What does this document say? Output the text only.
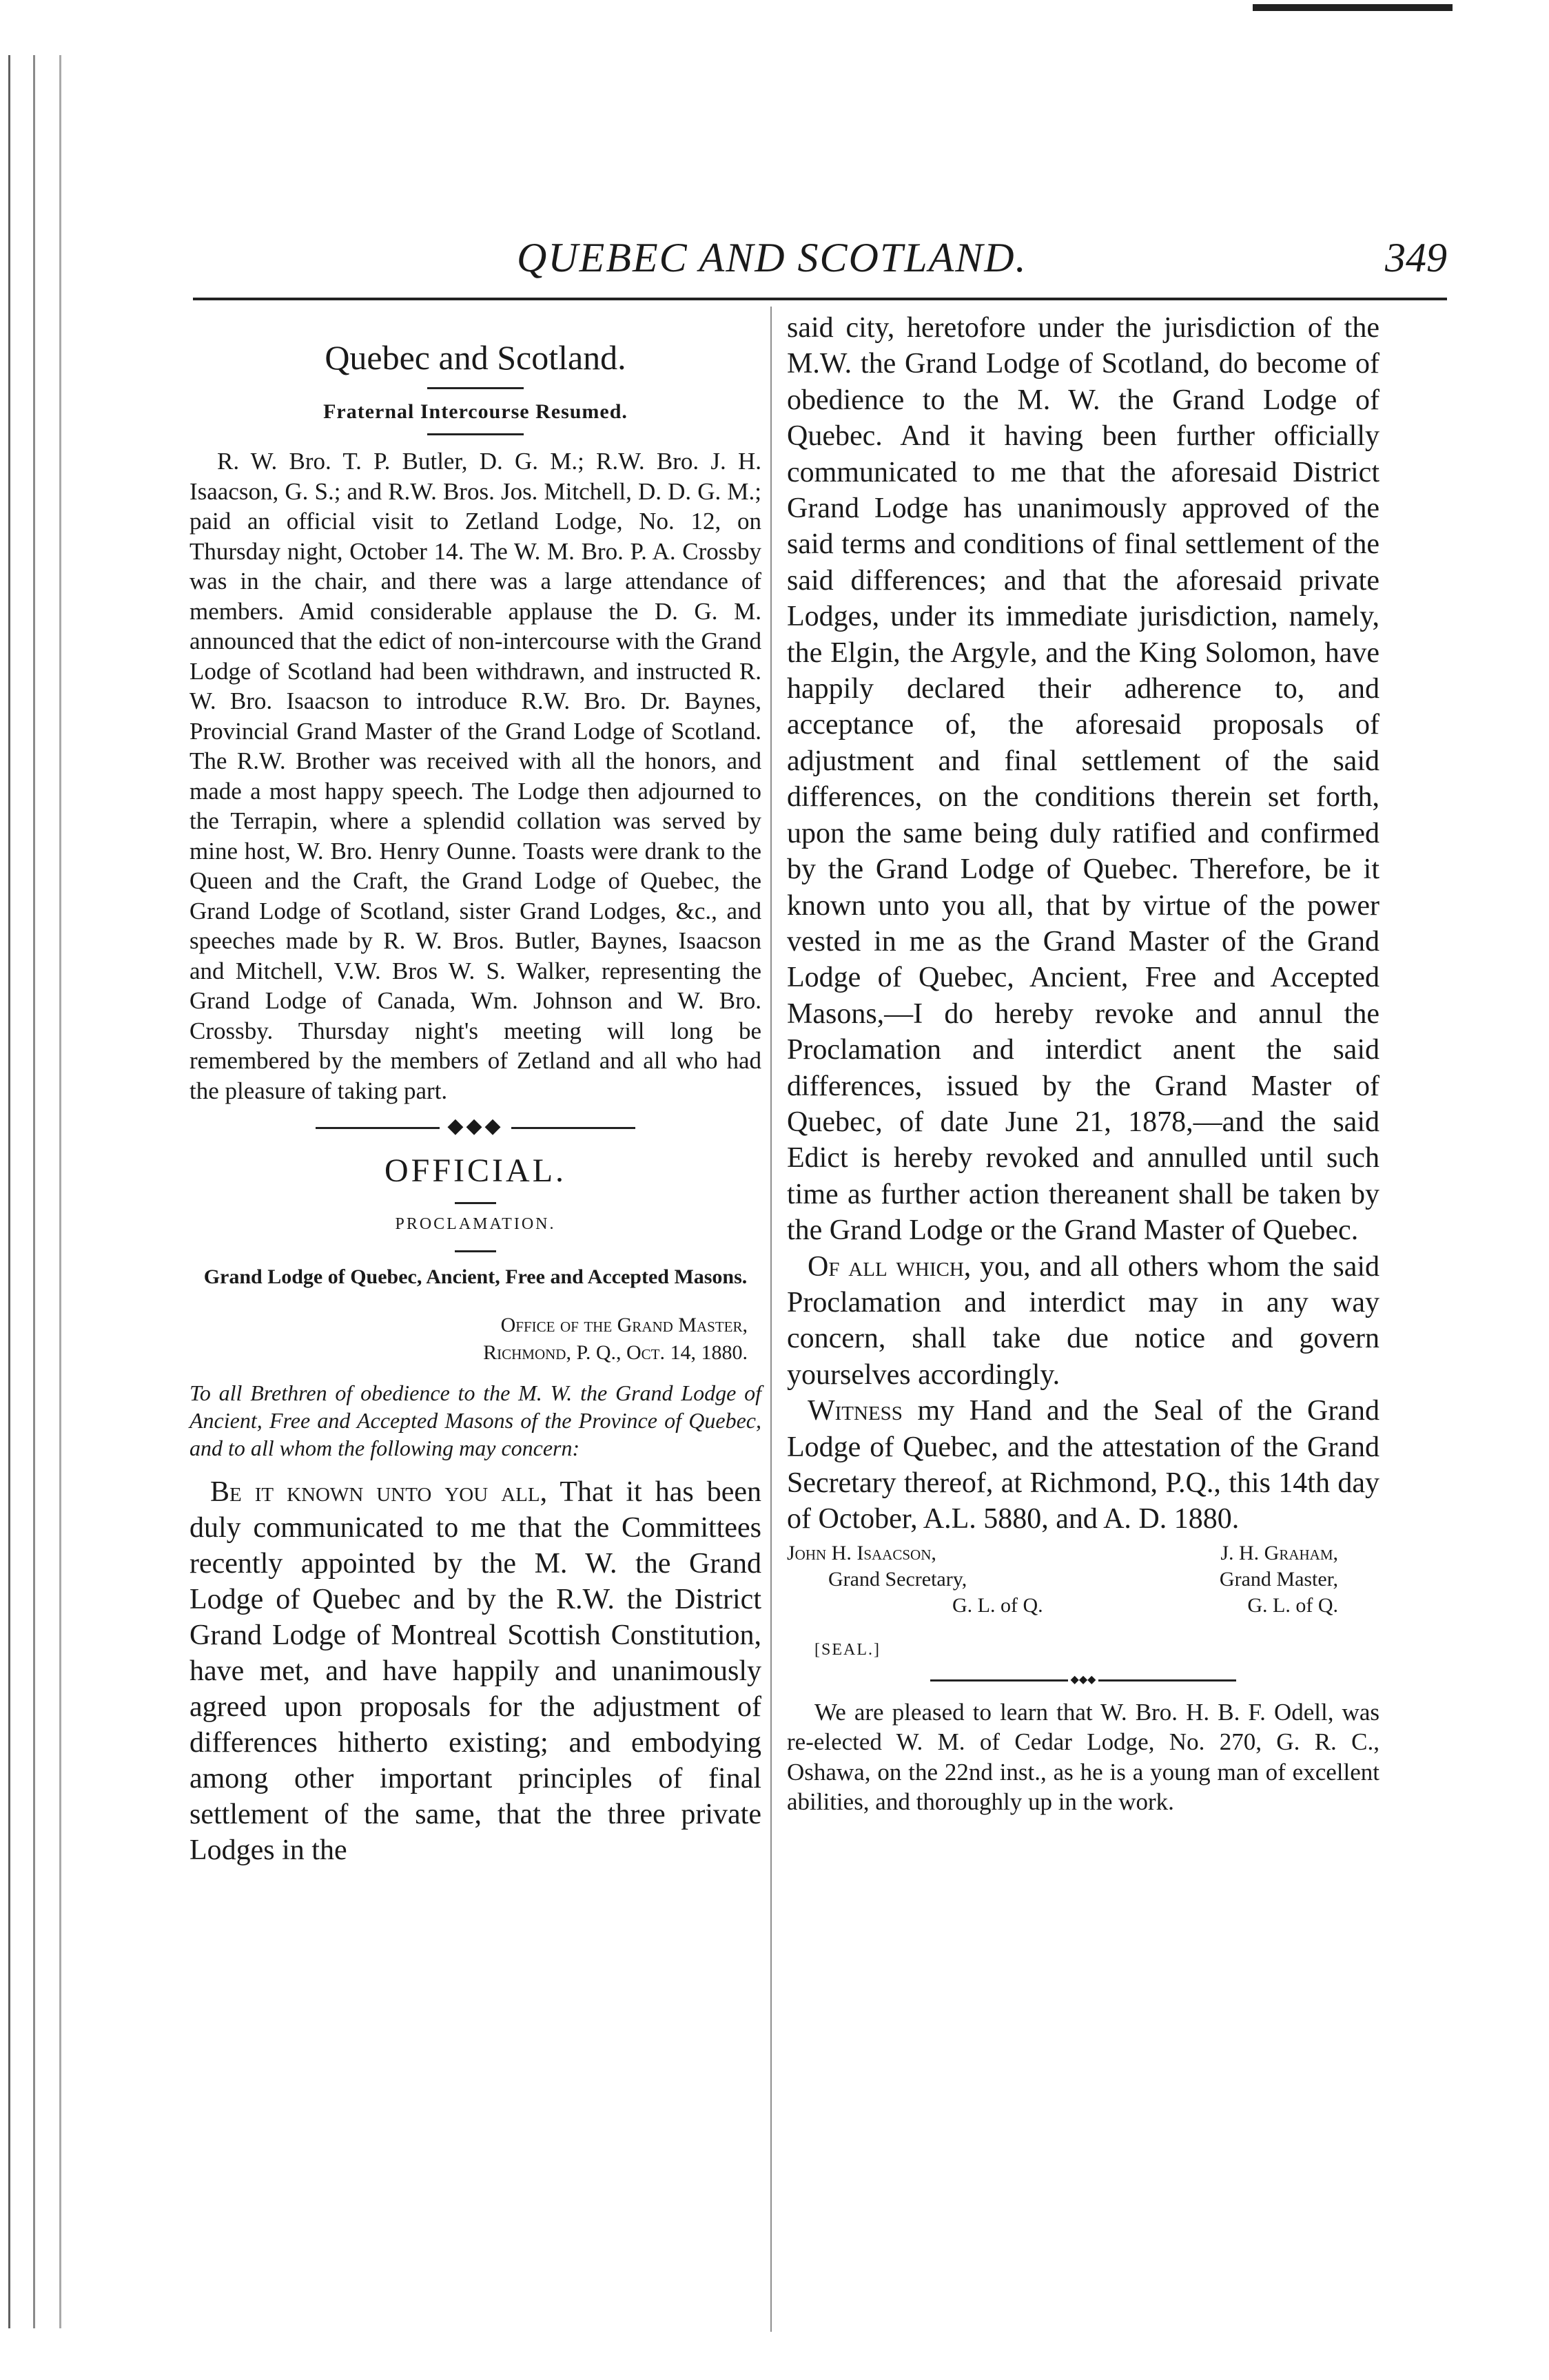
QUEBEC AND SCOTLAND.	349
Quebec and Scotland.
Fraternal Intercourse Resumed.

R. W. Bro. T. P. Butler, D. G. M.; R.W. Bro. J. H. Isaacson, G. S.; and R.W. Bros. Jos. Mitchell, D. D. G. M.; paid an official visit to Zetland Lodge, No. 12, on Thursday night, October 14. The W. M. Bro. P. A. Crossby was in the chair, and there was a large attendance of members. Amid considerable applause the D. G. M. announced that the edict of non-intercourse with the Grand Lodge of Scotland had been withdrawn, and instructed R. W. Bro. Isaacson to introduce R.W. Bro. Dr. Baynes, Provincial Grand Master of the Grand Lodge of Scotland. The R.W. Brother was received with all the honors, and made a most happy speech. The Lodge then adjourned to the Terrapin, where a splendid collation was served by mine host, W. Bro. Henry Ounne. Toasts were drank to the Queen and the Craft, the Grand Lodge of Quebec, the Grand Lodge of Scotland, sister Grand Lodges, &c., and speeches made by R. W. Bros. Butler, Baynes, Isaacson and Mitchell, V.W. Bros W. S. Walker, representing the Grand Lodge of Canada, Wm. Johnson and W. Bro. Crossby. Thursday night's meeting will long be remembered by the members of Zetland and all who had the pleasure of taking part.

◆◆◆
OFFICIAL.
PROCLAMATION.
Grand Lodge of Quebec, Ancient, Free and Accepted Masons.
Office of the Grand Master,
Richmond, P. Q., Oct. 14, 1880.

To all Brethren of obedience to the M. W. the Grand Lodge of Ancient, Free and Accepted Masons of the Province of Quebec, and to all whom the following may concern:

Be it known unto you all, That it has been duly communicated to me that the Committees recently appointed by the M. W. the Grand Lodge of Quebec and by the R.W. the District Grand Lodge of Montreal Scottish Constitution, have met, and have happily and unanimously agreed upon proposals for the adjustment of differences hitherto existing; and embodying among other important principles of final settlement of the same, that the three private Lodges in the

said city, heretofore under the jurisdiction of the M.W. the Grand Lodge of Scotland, do become of obedience to the M. W. the Grand Lodge of Quebec. And it having been further officially communicated to me that the aforesaid District Grand Lodge has unanimously approved of the said terms and conditions of final settlement of the said differences; and that the aforesaid private Lodges, under its immediate jurisdiction, namely, the Elgin, the Argyle, and the King Solomon, have happily declared their adherence to, and acceptance of, the aforesaid proposals of adjustment and final settlement of the said differences, on the conditions therein set forth, upon the same being duly ratified and confirmed by the Grand Lodge of Quebec. Therefore, be it known unto you all, that by virtue of the power vested in me as the Grand Master of the Grand Lodge of Quebec, Ancient, Free and Accepted Masons,—I do hereby revoke and annul the Proclamation and interdict anent the said differences, issued by the Grand Master of Quebec, of date June 21, 1878,—and the said Edict is hereby revoked and annulled until such time as further action thereanent shall be taken by the Grand Lodge or the Grand Master of Quebec.

Of all which, you, and all others whom the said Proclamation and interdict may in any way concern, shall take due notice and govern yourselves accordingly.

Witness my Hand and the Seal of the Grand Lodge of Quebec, and the attestation of the Grand Secretary thereof, at Richmond, P.Q., this 14th day of October, A.L. 5880, and A. D. 1880.

John H. Isaacson,
Grand Secretary,
G. L. of Q.
J. H. Graham,
Grand Master,
G. L. of Q.
[SEAL.]
◆◆◆

We are pleased to learn that W. Bro. H. B. F. Odell, was re-elected W. M. of Cedar Lodge, No. 270, G. R. C., Oshawa, on the 22nd inst., as he is a young man of excellent abilities, and thoroughly up in the work.
